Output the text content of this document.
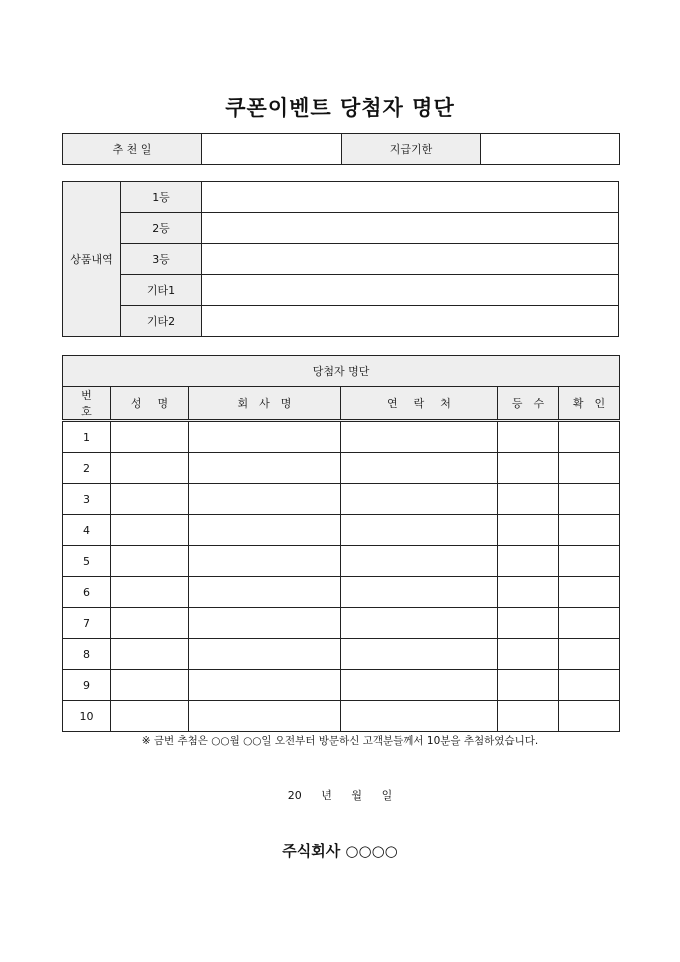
쿠폰이벤트 당첨자 명단
추 천 일		지급기한	
상품내역	1등	
	2등	
	3등	
	기타1	
	기타2	
당첨자 명단					
번호	성명	회사명	연락처	등수	확인
1					
2					
3					
4					
5					
6					
7					
8					
9					
10					
※ 금번 추첨은 ○○월 ○○일 오전부터 방문하신 고객분들께서 10분을 추첨하였습니다.
20 년 월 일
주식회사 ○○○○
